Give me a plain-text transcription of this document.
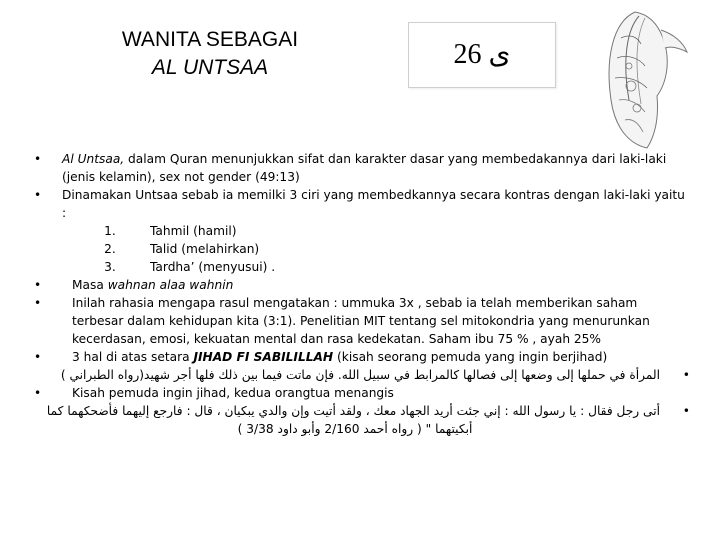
WANITA SEBAGAI
AL UNTSAA	26 ى
• Al Untsaa, dalam Quran menunjukkan sifat dan karakter dasar yang membedakannya dari laki-laki (jenis kelamin), sex not gender (49:13)
• Dinamakan Untsaa sebab ia memilki 3 ciri yang membedkannya secara kontras dengan laki-laki yaitu :
1.	Tahmil (hamil)
2.	Talid (melahirkan)
3.	Tardha’ (menyusui) .
•	Masa wahnan alaa wahnin
•	Inilah rahasia mengapa rasul mengatakan : ummuka 3x , sebab ia telah memberikan saham terbesar dalam kehidupan kita (3:1). Penelitian MIT tentang sel mitokondria yang menurunkan kecerdasan, emosi, kekuatan mental dan rasa kedekatan. Saham ibu 75 % , ayah 25%
•	3 hal di atas setara JIHAD FI SABILILLAH (kisah seorang pemuda yang ingin berjihad)
•
المرأة في حملها إلى وضعها إلى فصالها كالمرابط في سبيل الله. فإن ماتت فيما بين ذلك فلها أجر شهيد(رواه الطبراني )
•	Kisah pemuda ingin jihad, kedua orangtua menangis
•
أتى رجل فقال : يا رسول الله : إني جئت أريد الجهاد معك ، ولقد أتيت وإن والدي يبكيان ، قال : فارجع إليهما فأضحكهما كما
أبكيتهما " ( رواه أحمد 2/160 وأبو داود 3/38 )
